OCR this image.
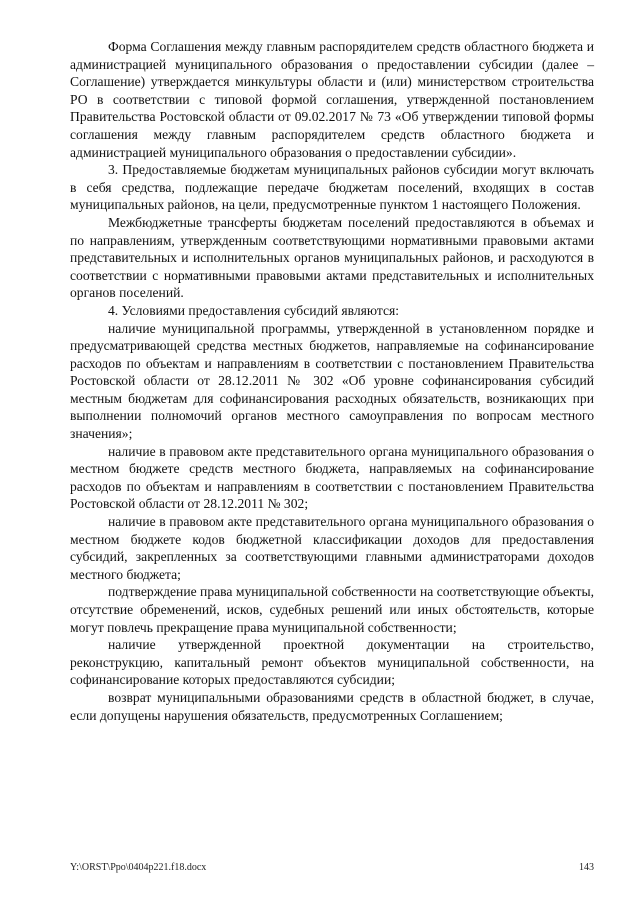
Форма Соглашения между главным распорядителем средств областного бюджета и администрацией муниципального образования о предоставлении субсидии (далее – Соглашение) утверждается минкультуры области и (или) министерством строительства РО в соответствии с типовой формой соглашения, утвержденной постановлением Правительства Ростовской области от 09.02.2017 № 73 «Об утверждении типовой формы соглашения между главным распорядителем средств областного бюджета и администрацией муниципального образования о предоставлении субсидии».

3. Предоставляемые бюджетам муниципальных районов субсидии могут включать в себя средства, подлежащие передаче бюджетам поселений, входящих в состав муниципальных районов, на цели, предусмотренные пунктом 1 настоящего Положения.

Межбюджетные трансферты бюджетам поселений предоставляются в объемах и по направлениям, утвержденным соответствующими нормативными правовыми актами представительных и исполнительных органов муниципальных районов, и расходуются в соответствии с нормативными правовыми актами представительных и исполнительных органов поселений.

4. Условиями предоставления субсидий являются:

наличие муниципальной программы, утвержденной в установленном порядке и предусматривающей средства местных бюджетов, направляемые на софинансирование расходов по объектам и направлениям в соответствии с постановлением Правительства Ростовской области от 28.12.2011 № 302 «Об уровне софинансирования субсидий местным бюджетам для софинансирования расходных обязательств, возникающих при выполнении полномочий органов местного самоуправления по вопросам местного значения»;

наличие в правовом акте представительного органа муниципального образования о местном бюджете средств местного бюджета, направляемых на софинансирование расходов по объектам и направлениям в соответствии с постановлением Правительства Ростовской области от 28.12.2011 № 302;

наличие в правовом акте представительного органа муниципального образования о местном бюджете кодов бюджетной классификации доходов для предоставления субсидий, закрепленных за соответствующими главными администраторами доходов местного бюджета;

подтверждение права муниципальной собственности на соответствующие объекты, отсутствие обременений, исков, судебных решений или иных обстоятельств, которые могут повлечь прекращение права муниципальной собственности;

наличие утвержденной проектной документации на строительство, реконструкцию, капитальный ремонт объектов муниципальной собственности, на софинансирование которых предоставляются субсидии;

возврат муниципальными образованиями средств в областной бюджет, в случае, если допущены нарушения обязательств, предусмотренных Соглашением;

Y:\ORST\Ppo\0404p221.f18.docx	143
